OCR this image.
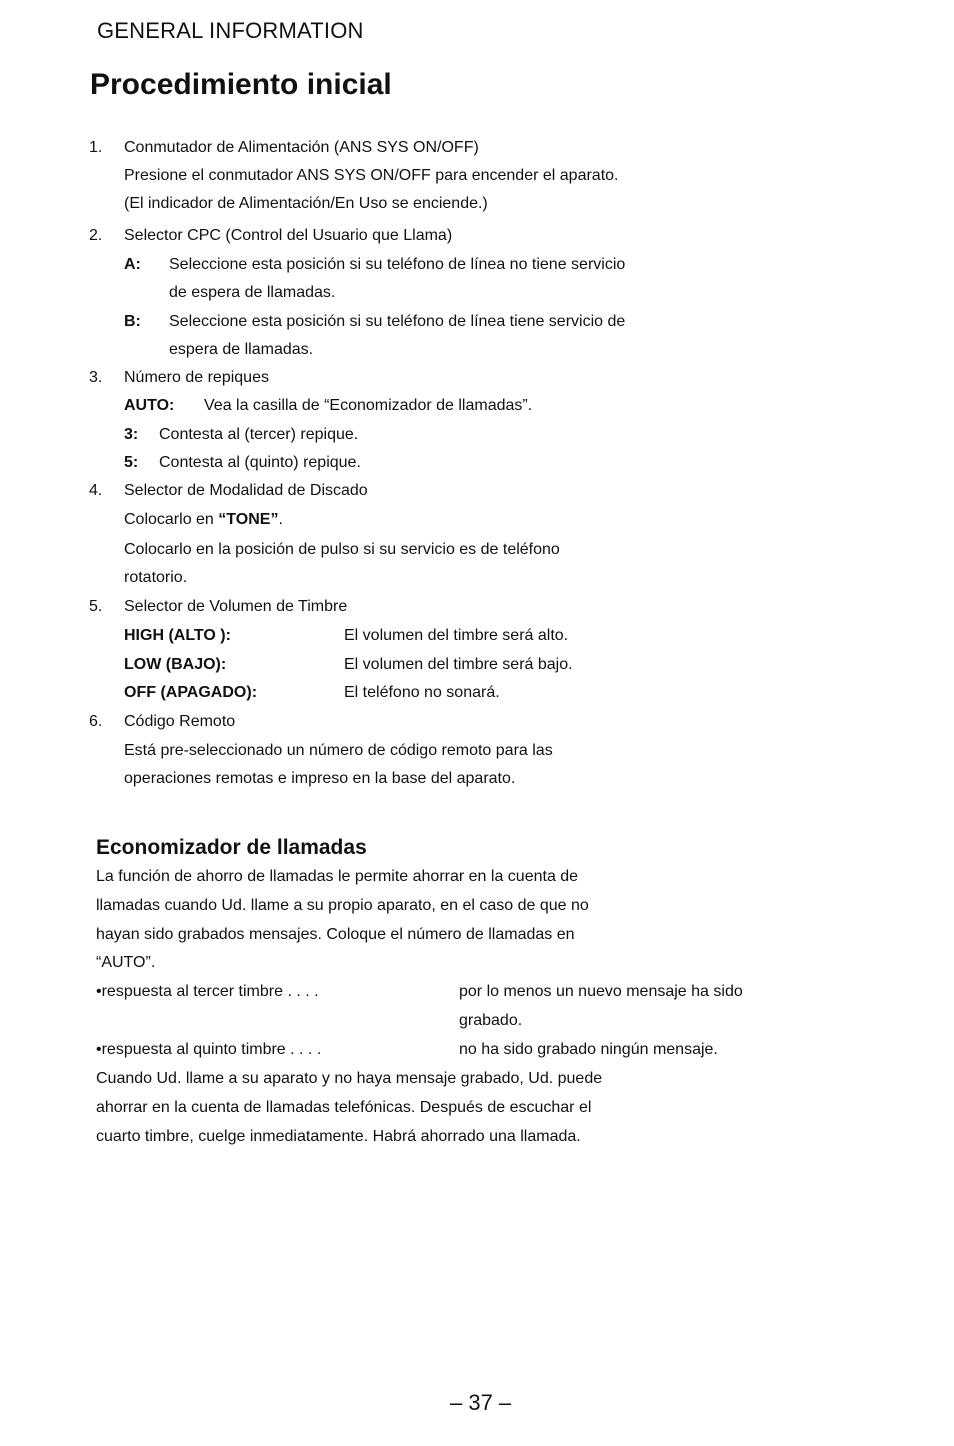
GENERAL INFORMATION
Procedimiento inicial
1. Conmutador de Alimentación (ANS SYS ON/OFF)
Presione el conmutador ANS SYS ON/OFF para encender el aparato.
(El indicador de Alimentación/En Uso se enciende.)
2. Selector CPC (Control del Usuario que Llama)
A: Seleccione esta posición si su teléfono de línea no tiene servicio
de espera de llamadas.
B: Seleccione esta posición si su teléfono de línea tiene servicio de
espera de llamadas.
3. Número de repiques
AUTO: Vea la casilla de “Economizador de llamadas”.
3: Contesta al (tercer) repique.
5: Contesta al (quinto) repique.
4. Selector de Modalidad de Discado
Colocarlo en “TONE”.
Colocarlo en la posición de pulso si su servicio es de teléfono
rotatorio.
5. Selector de Volumen de Timbre
HIGH (ALTO ):	El volumen del timbre será alto.
LOW (BAJO):	El volumen del timbre será bajo.
OFF (APAGADO):	El teléfono no sonará.
6. Código Remoto
Está pre-seleccionado un número de código remoto para las
operaciones remotas e impreso en la base del aparato.
Economizador de llamadas
La función de ahorro de llamadas le permite ahorrar en la cuenta de
llamadas cuando Ud. llame a su propio aparato, en el caso de que no
hayan sido grabados mensajes. Coloque el número de llamadas en
“AUTO”.
•respuesta al tercer timbre . . . .	por lo menos un nuevo mensaje ha sido
grabado.
•respuesta al quinto timbre . . . .	no ha sido grabado ningún mensaje.
Cuando Ud. llame a su aparato y no haya mensaje grabado, Ud. puede
ahorrar en la cuenta de llamadas telefónicas. Después de escuchar el
cuarto timbre, cuelge inmediatamente. Habrá ahorrado una llamada.
– 37 –
